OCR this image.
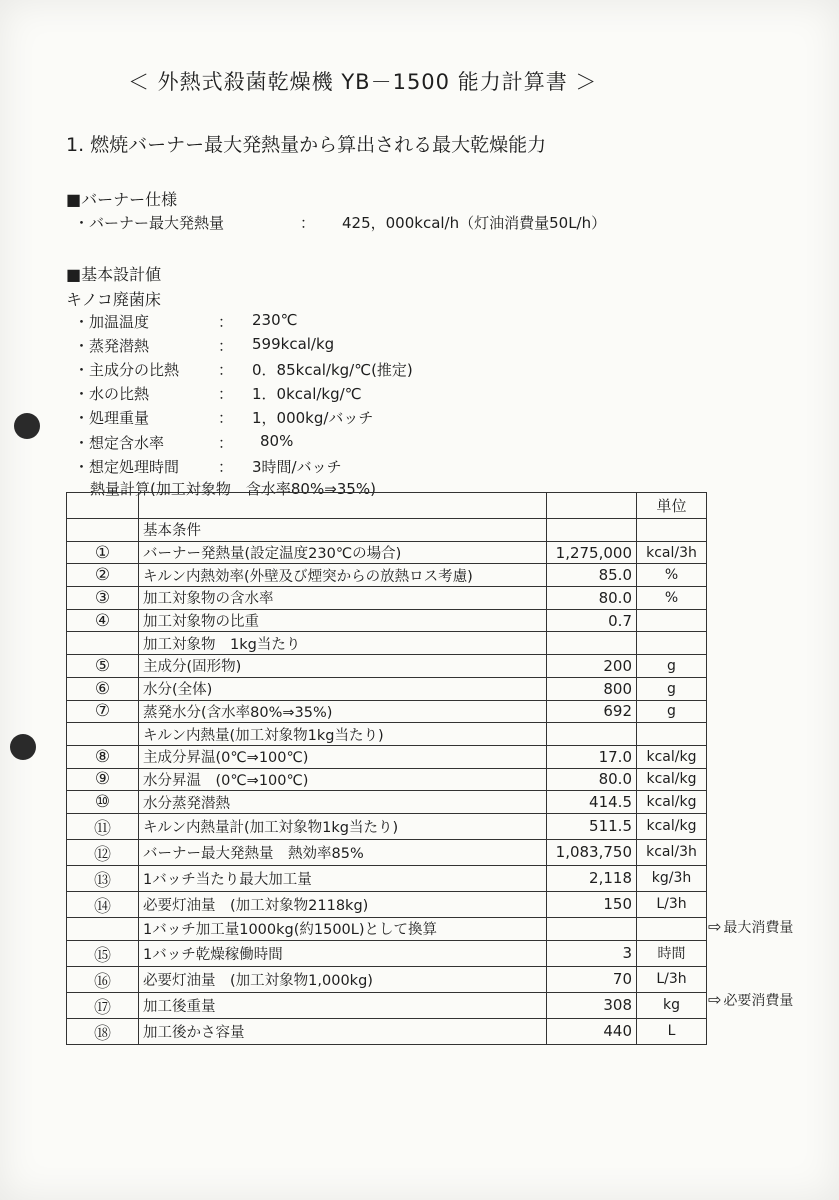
＜ 外熱式殺菌乾燥機 YB－1500 能力計算書 ＞
1. 燃焼バーナー最大発熱量から算出される最大乾燥能力
■バーナー仕様
・バーナー最大発熱量	： 425，000kcal/h（灯油消費量50L/h）
■基本設計値
キノコ廃菌床
・加温温度	： 230℃
・蒸発潜熱	： 599kcal/kg
・主成分の比熱	： 0．85kcal/kg/℃(推定)
・水の比熱	： 1．0kcal/kg/℃
・処理重量	： 1，000kg/バッチ
・想定含水率	： 80%
・想定処理時間	： 3時間/バッチ
熱量計算(加工対象物　含水率80%⇒35%)
			単位
	基本条件		
①	バーナー発熱量(設定温度230℃の場合)	1,275,000	kcal/3h
②	キルン内熱効率(外壁及び煙突からの放熱ロス考慮)	85.0	%
③	加工対象物の含水率	80.0	%
④	加工対象物の比重	0.7	
	加工対象物　1kg当たり		
⑤	主成分(固形物)	200	g
⑥	水分(全体)	800	g
⑦	蒸発水分(含水率80%⇒35%)	692	g
	キルン内熱量(加工対象物1kg当たり)		
⑧	主成分昇温(0℃⇒100℃)	17.0	kcal/kg
⑨	水分昇温　(0℃⇒100℃)	80.0	kcal/kg
⑩	水分蒸発潜熱	414.5	kcal/kg
⑪	キルン内熱量計(加工対象物1kg当たり)	511.5	kcal/kg
⑫	バーナー最大発熱量　熱効率85%	1,083,750	kcal/3h
⑬	1バッチ当たり最大加工量	2,118	kg/3h
⑭	必要灯油量　(加工対象物2118kg)	150	L/3h
	1バッチ加工量1000kg(約1500L)として換算		
⑮	1バッチ乾燥稼働時間	3	時間
⑯	必要灯油量　(加工対象物1,000kg)	70	L/3h
⑰	加工後重量	308	kg
⑱	加工後かさ容量	440	L
⇨ 最大消費量
⇨ 必要消費量
